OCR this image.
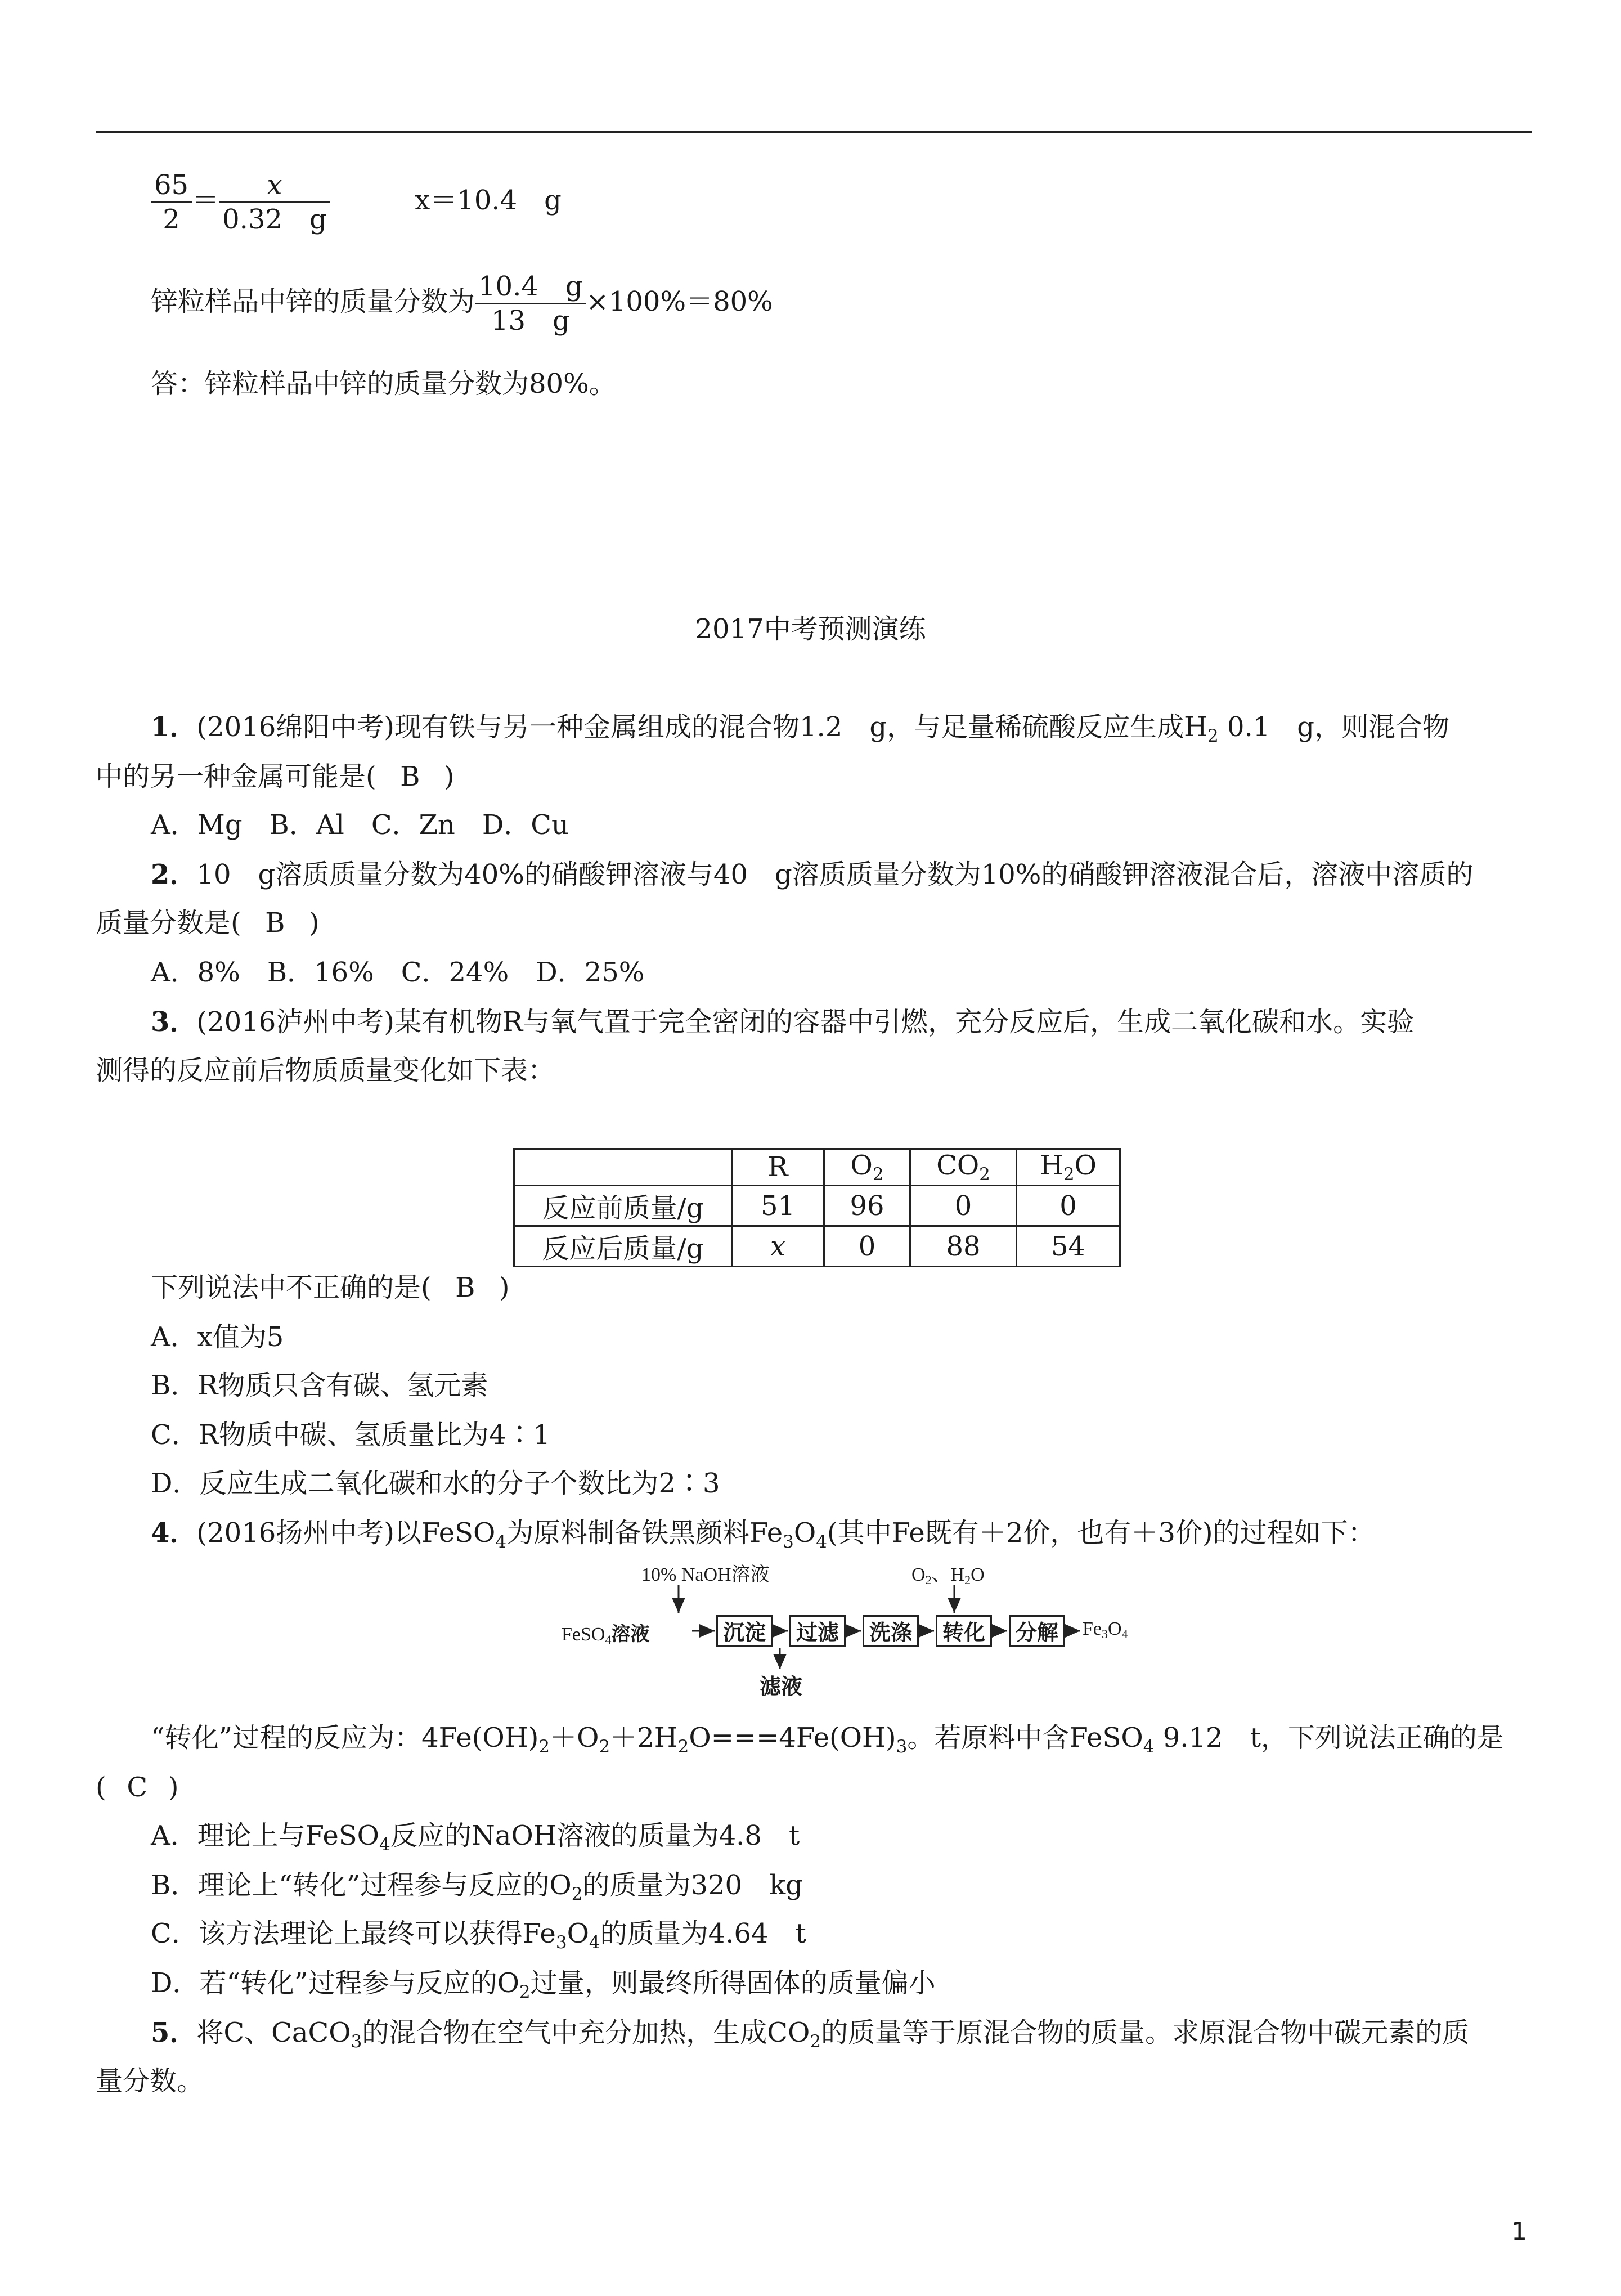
$\frac{65}{2} = \frac{x}{0.32 g}$	x＝10.4　g
锌粒样品中锌的质量分数为 $\frac{10.4 g}{13 g} \times 100\%=80\%$
答：锌粒样品中锌的质量分数为80%。
2017中考预测演练
1．(2016绵阳中考)现有铁与另一种金属组成的混合物1.2　g，与足量稀硫酸反应生成$H_2$ 0.1　g，则混合物
中的另一种金属可能是( B )
A．Mg　B．Al　C．Zn　D．Cu
2．10　g溶质质量分数为40%的硝酸钾溶液与40　g溶质质量分数为10%的硝酸钾溶液混合后，溶液中溶质的
质量分数是( B )
A．8%　B．16%　C．24%　D．25%
3．(2016泸州中考)某有机物R与氧气置于完全密闭的容器中引燃，充分反应后，生成二氧化碳和水。实验
测得的反应前后物质质量变化如下表：
	R	$O_2$	$CO_2$	$H_2O$
反应前质量/g	51	96	0	0
反应后质量/g	x	0	88	54
下列说法中不正确的是( B )
A．x值为5
B．R物质只含有碳、氢元素
C．R物质中碳、氢质量比为4∶1
D．反应生成二氧化碳和水的分子个数比为2∶3
4．(2016扬州中考)以FeSO$_4$为原料制备铁黑颜料$Fe_3O_4$(其中Fe既有＋2价，也有＋3价)的过程如下：
10% NaOH溶液	$O_2$、$H_2O$
FeSO$_4$溶液	沉淀	过滤	洗涤	转化	分解	$Fe_3O_4$
滤液
“转化”过程的反应为：$4Fe(OH)_2+O_2+2H_2O===4Fe(OH)_3$。若原料中含FeSO$_4$ 9.12　t，下列说法正确的是
( C )
A．理论上与FeSO$_4$反应的NaOH溶液的质量为4.8　t
B．理论上“转化”过程参与反应的$O_2$的质量为320　kg
C．该方法理论上最终可以获得$Fe_3O_4$的质量为4.64　t
D．若“转化”过程参与反应的$O_2$过量，则最终所得固体的质量偏小
5．将C、CaCO$_3$的混合物在空气中充分加热，生成$CO_2$的质量等于原混合物的质量。求原混合物中碳元素的质
量分数。
1
